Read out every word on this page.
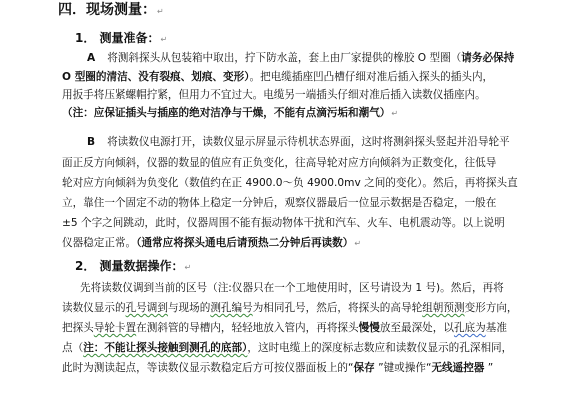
四．现场测量：↵
1． 测量准备：↵
A 将测斜探头从包装箱中取出，拧下防水盖，套上由厂家提供的橡胶 O 型圈（请务必保持
O 型圈的清洁、没有裂痕、划痕、变形）。把电缆插座凹凸槽仔细对准后插入探头的插头内，
用扳手将压紧螺帽拧紧，但用力不宜过大。电缆另一端插头仔细对准后插入读数仪插座内。
（注：应保证插头与插座的绝对洁净与干燥，不能有点滴污垢和潮气）↵
B 将读数仪电源打开，读数仪显示屏显示待机状态界面，这时将测斜探头竖起并沿导轮平
面正反方向倾斜，仪器的数显的值应有正负变化，往高导轮对应方向倾斜为正数变化，往低导
轮对应方向倾斜为负变化（数值约在正 4900.0～负 4900.0mv 之间的变化）。然后，再将探头直
立，靠住一个固定不动的物体上稳定一分钟后，观察仪器最后一位显示数据是否稳定，一般在
±5 个字之间跳动，此时，仪器周围不能有振动物体干扰和汽车、火车、电机震动等。以上说明
仪器稳定正常。（通常应将探头通电后请预热二分钟后再读数）↵
2． 测量数据操作：↵
先将读数仪调到当前的区号（注:仪器只在一个工地使用时，区号请设为 1 号)。然后，再将
读数仪显示的孔号调到与现场的测孔编号为相同孔号，然后，将探头的高导轮组朝预测变形方向，
把探头导轮卡置在测斜管的导槽内，轻轻地放入管内，再将探头慢慢放至最深处，以孔底为基准
点（注：不能让探头接触到测孔的底部），这时电缆上的深度标志数应和读数仪显示的孔深相同，
此时为测读起点，等读数仪显示数稳定后方可按仪器面板上的“保存 ”键或操作“无线遥控器 ”
